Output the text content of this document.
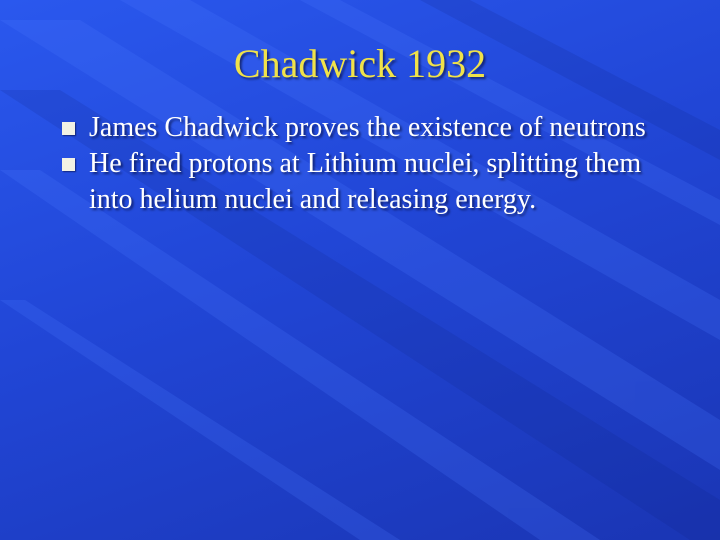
Chadwick 1932
James Chadwick proves the existence of neutrons
He fired protons at Lithium nuclei, splitting them into helium nuclei and releasing energy.
